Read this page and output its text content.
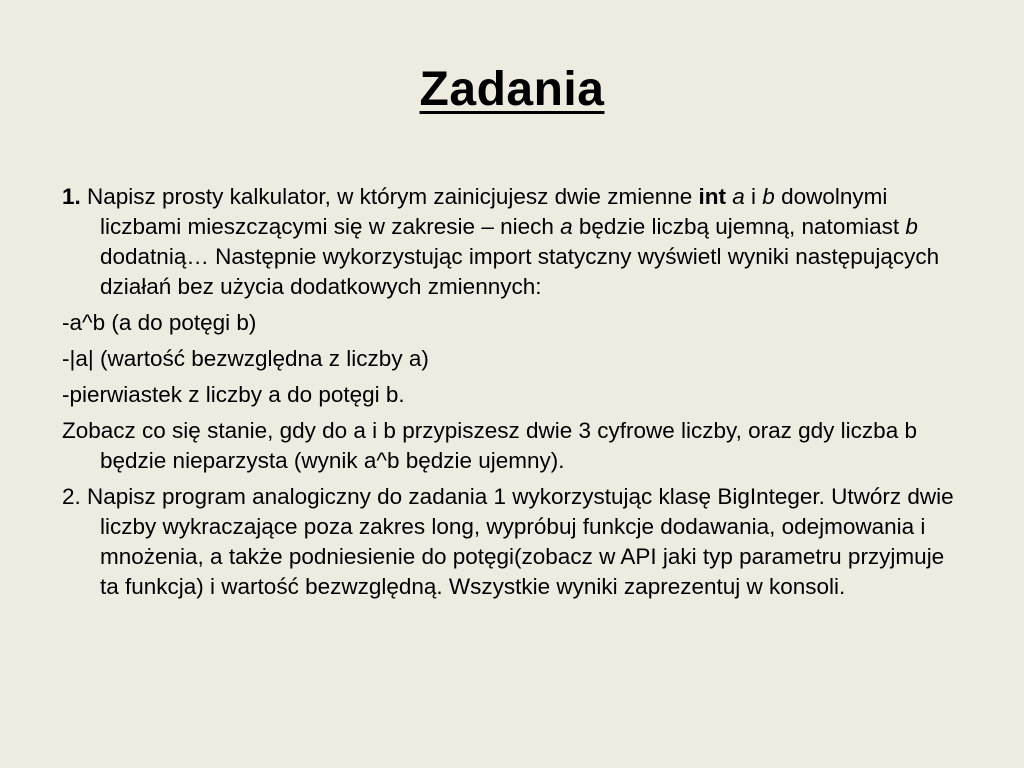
Zadania

1. Napisz prosty kalkulator, w którym zainicjujesz dwie zmienne int a i b dowolnymi liczbami mieszczącymi się w zakresie – niech a będzie liczbą ujemną, natomiast b dodatnią… Następnie wykorzystując import statyczny wyświetl wyniki następujących działań bez użycia dodatkowych zmiennych:

-a^b (a do potęgi b)

-|a| (wartość bezwzględna z liczby a)

-pierwiastek z liczby a do potęgi b.

Zobacz co się stanie, gdy do a i b przypiszesz dwie 3 cyfrowe liczby, oraz gdy liczba b będzie nieparzysta (wynik a^b będzie ujemny).

2. Napisz program analogiczny do zadania 1 wykorzystując klasę BigInteger. Utwórz dwie liczby wykraczające poza zakres long, wypróbuj funkcje dodawania, odejmowania i mnożenia, a także podniesienie do potęgi(zobacz w API jaki typ parametru przyjmuje ta funkcja) i wartość bezwzględną. Wszystkie wyniki zaprezentuj w konsoli.
